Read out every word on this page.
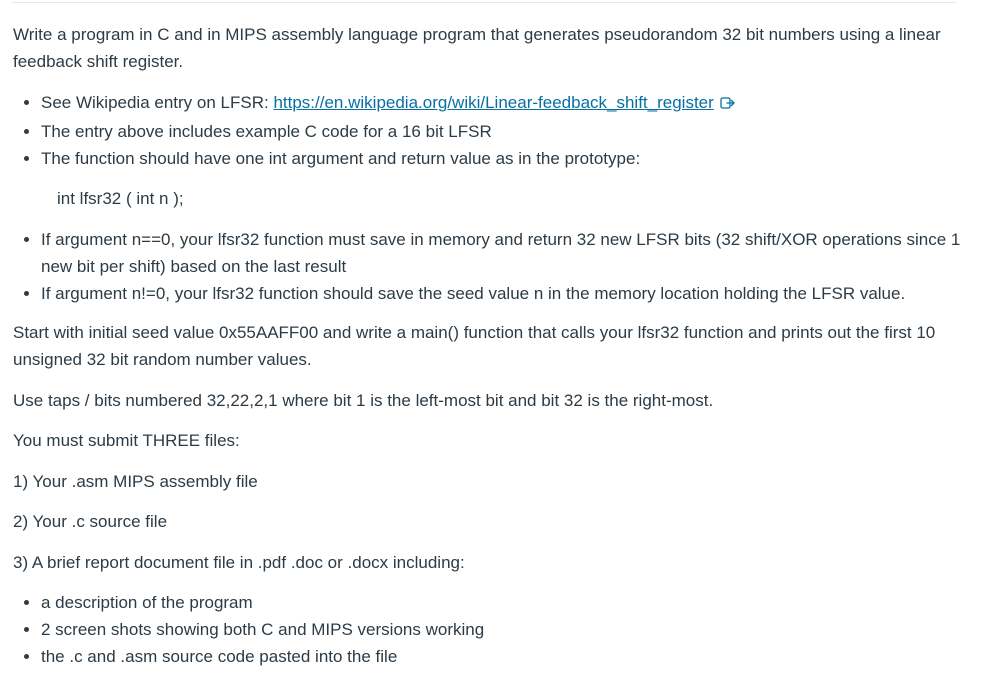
Write a program in C and in MIPS assembly language program that generates pseudorandom 32 bit numbers using a linear feedback shift register.

• See Wikipedia entry on LFSR: https://en.wikipedia.org/wiki/Linear-feedback_shift_register
• The entry above includes example C code for a 16 bit LFSR
• The function should have one int argument and return value as in the prototype:

int lfsr32 ( int n );

• If argument n==0, your lfsr32 function must save in memory and return 32 new LFSR bits (32 shift/XOR operations since 1 new bit per shift) based on the last result
• If argument n!=0, your lfsr32 function should save the seed value n in the memory location holding the LFSR value.

Start with initial seed value 0x55AAFF00 and write a main() function that calls your lfsr32 function and prints out the first 10 unsigned 32 bit random number values.

Use taps / bits numbered 32,22,2,1 where bit 1 is the left-most bit and bit 32 is the right-most.

You must submit THREE files:

1) Your .asm MIPS assembly file

2) Your .c source file

3) A brief report document file in .pdf .doc or .docx including:

• a description of the program
• 2 screen shots showing both C and MIPS versions working
• the .c and .asm source code pasted into the file
